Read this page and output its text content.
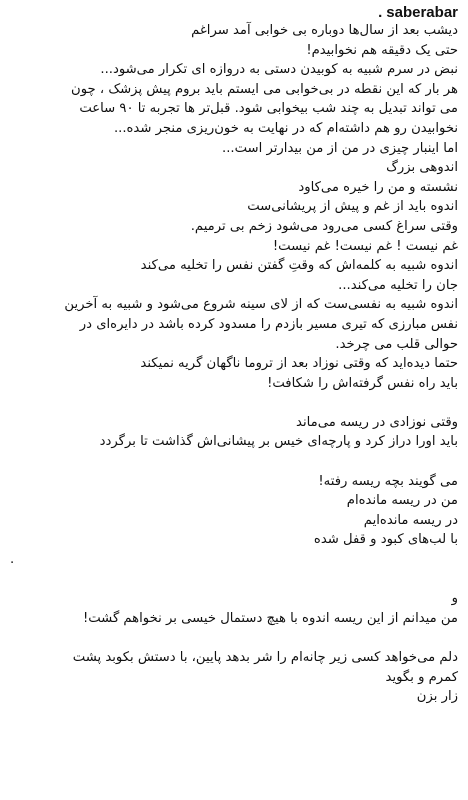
. saberabar
دیشب بعد از سال‌ها دوباره بی خوابی آمد سراغم
حتی یک دقیقه هم نخوابیدم!
نبض در سرم شبیه به کوبیدن دستی به دروازه ای تکرار می‌شود...
هر بار که این نقطه در بی‌خوابی می ایستم باید بروم پیش پزشک ، چون
می تواند تبدیل به چند شب بیخوابی شود. قبل‌تر ها تجربه تا ۹۰ ساعت
نخوابیدن رو هم داشته‌ام که در نهایت به خون‌ریزی منجر شده...
اما اینبار چیزی در من از من بیدارتر است...
اندوهی بزرگ
نشسته و من را خیره می‌کاود
اندوه باید از غم و پیش از پریشانی‌ست
وقتی سراغ کسی می‌رود می‌شود زخم بی ترمیم.
غم نیست ! غم نیست! غم نیست!
اندوه شبیه به کلمه‌اش که وقتِ گفتن نفس را تخلیه می‌کند
جان را تخلیه می‌کند...
اندوه شبیه به نفسی‌ست که از لای سینه شروع می‌شود و شبیه به آخرین
نفس مبارزی که تیری مسیر بازدم را مسدود کرده باشد در دایره‌ای در
حوالی قلب می چرخد.
حتما دیده‌اید که وقتی نوزاد بعد از تروما ناگهان گریه نمیکند
باید راه نفس گرفته‌اش را شکافت!
وقتی نوزادی در ریسه می‌ماند
باید اورا دراز کرد و پارچه‌ای خیس بر پیشانی‌اش گذاشت تا برگردد
می گویند بچه ریسه رفته!
من در ریسه مانده‌ام
در ریسه مانده‌ایم
با لب‌های کبود و قفل شده
.
و
من میدانم از این ریسه اندوه با هیچ دستمال خیسی بر نخواهم گشت!
دلم می‌خواهد کسی زیر چانه‌ام را شر بدهد پایین، با دستش بکوبد پشت
کمرم و بگوید
زار بزن
